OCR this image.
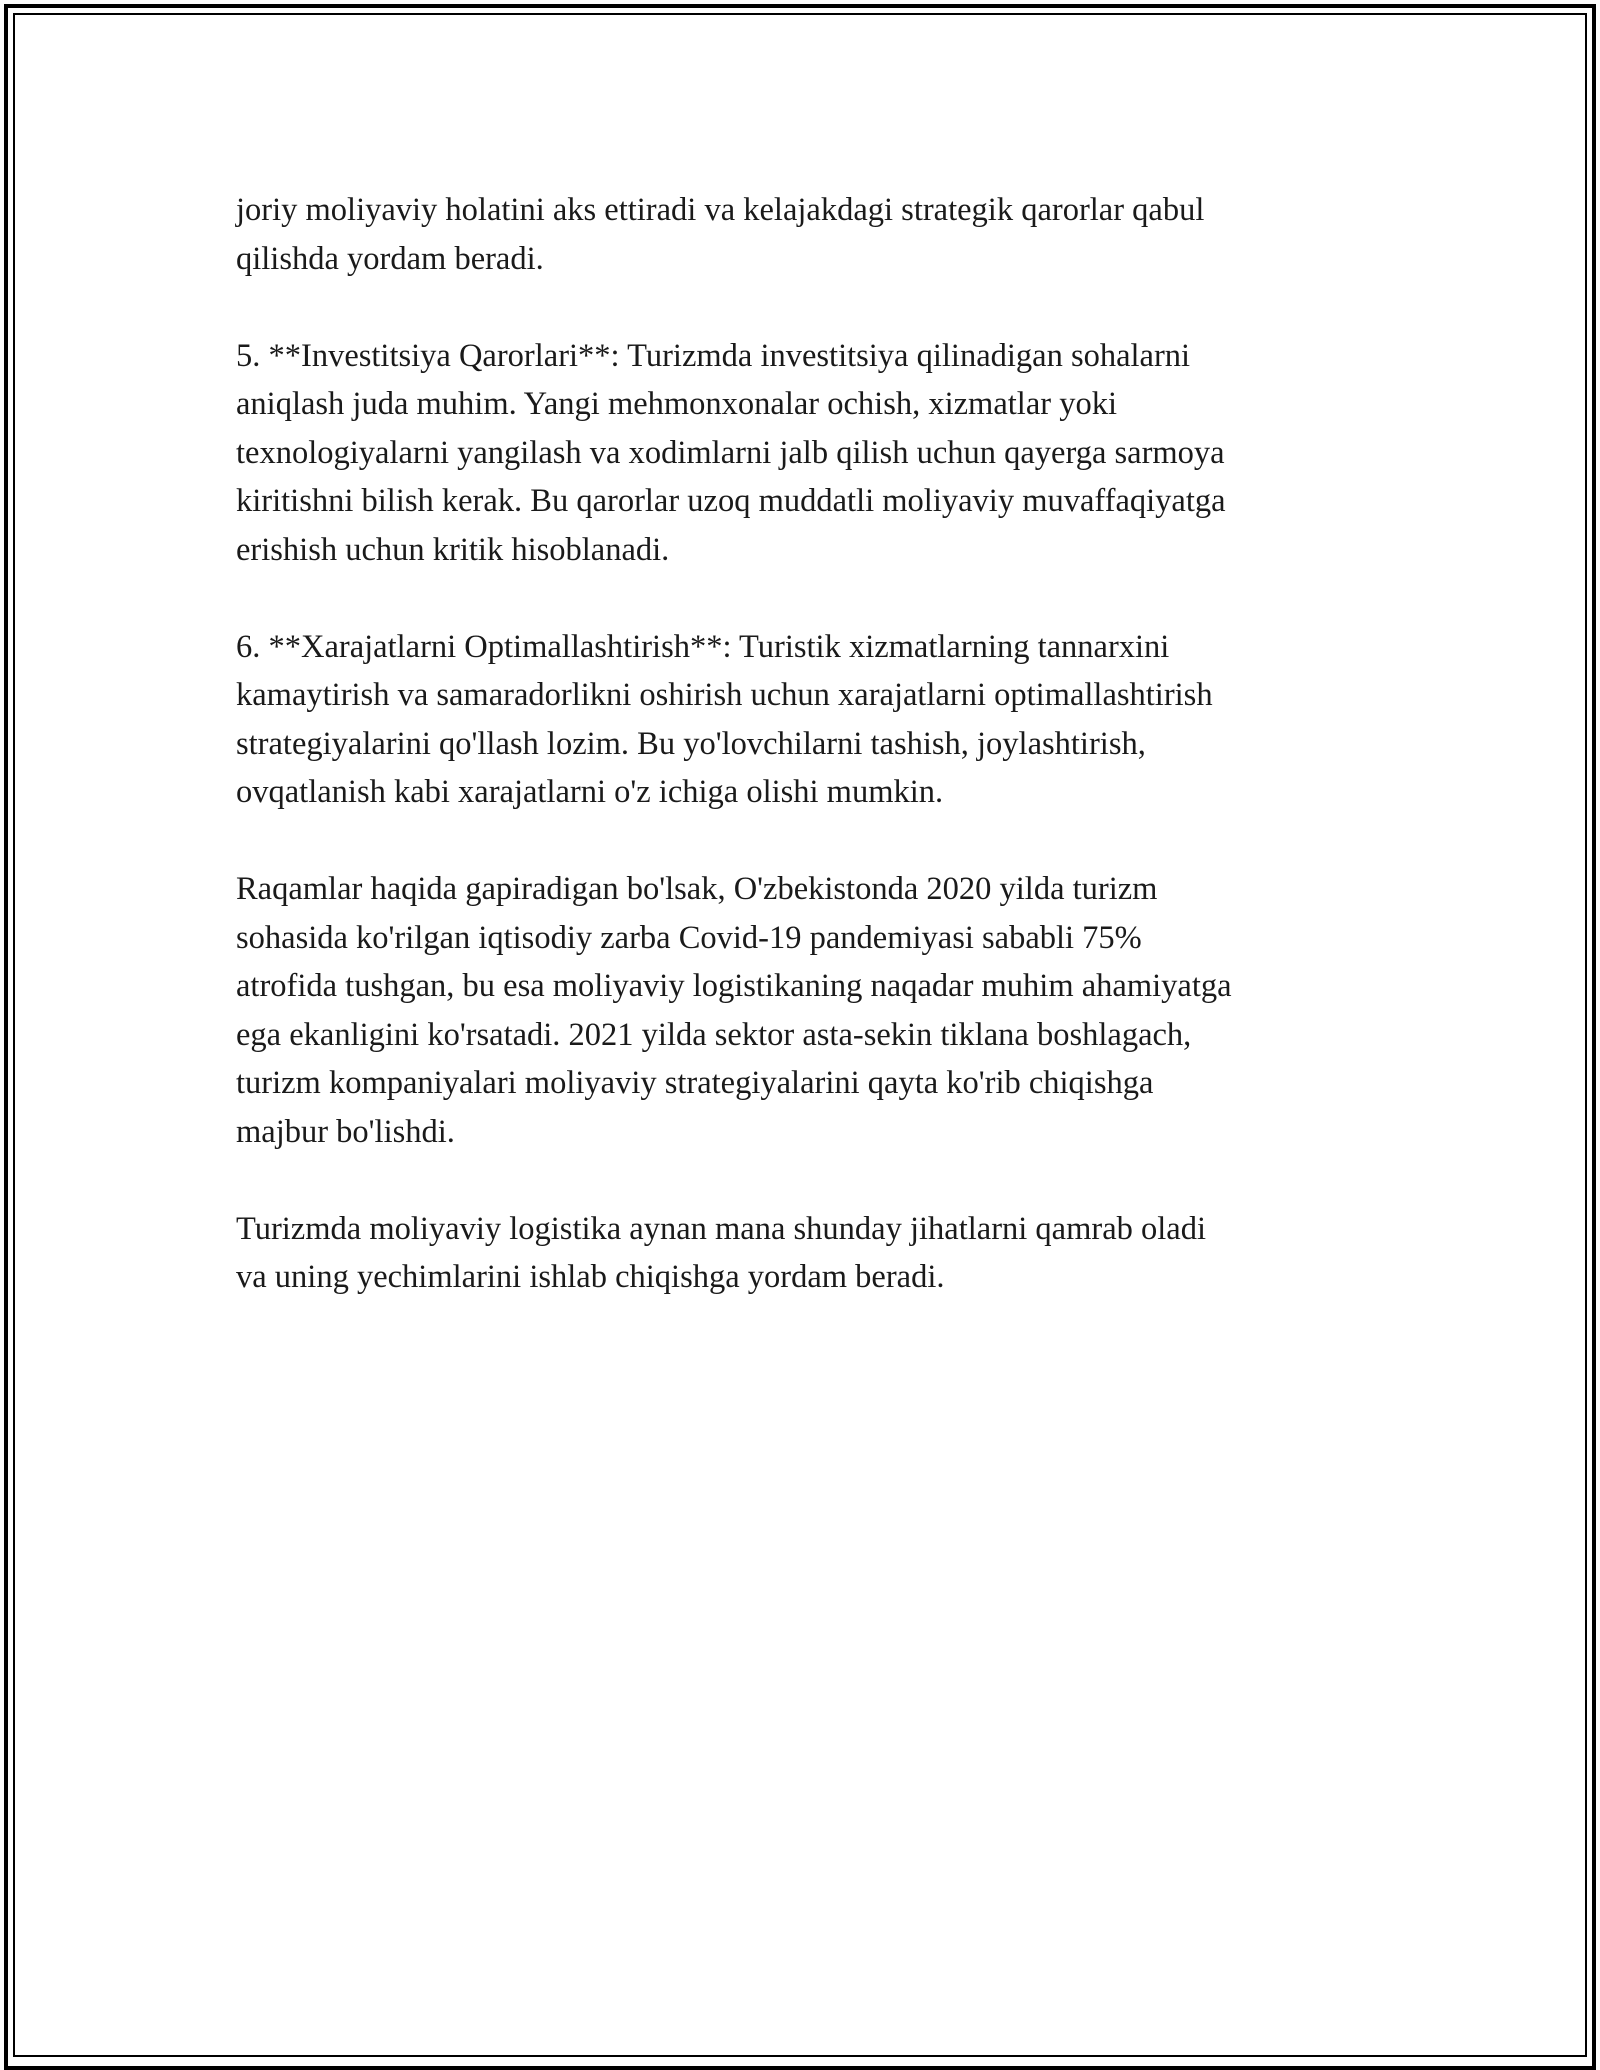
joriy moliyaviy holatini aks ettiradi va kelajakdagi strategik qarorlar qabul
qilishda yordam beradi.

5. **Investitsiya Qarorlari**: Turizmda investitsiya qilinadigan sohalarni
aniqlash juda muhim. Yangi mehmonxonalar ochish, xizmatlar yoki
texnologiyalarni yangilash va xodimlarni jalb qilish uchun qayerga sarmoya
kiritishni bilish kerak. Bu qarorlar uzoq muddatli moliyaviy muvaffaqiyatga
erishish uchun kritik hisoblanadi.

6. **Xarajatlarni Optimallashtirish**: Turistik xizmatlarning tannarxini
kamaytirish va samaradorlikni oshirish uchun xarajatlarni optimallashtirish
strategiyalarini qo'llash lozim. Bu yo'lovchilarni tashish, joylashtirish,
ovqatlanish kabi xarajatlarni o'z ichiga olishi mumkin.

Raqamlar haqida gapiradigan bo'lsak, O'zbekistonda 2020 yilda turizm
sohasida ko'rilgan iqtisodiy zarba Covid-19 pandemiyasi sababli 75%
atrofida tushgan, bu esa moliyaviy logistikaning naqadar muhim ahamiyatga
ega ekanligini ko'rsatadi. 2021 yilda sektor asta-sekin tiklana boshlagach,
turizm kompaniyalari moliyaviy strategiyalarini qayta ko'rib chiqishga
majbur bo'lishdi.

Turizmda moliyaviy logistika aynan mana shunday jihatlarni qamrab oladi
va uning yechimlarini ishlab chiqishga yordam beradi.
